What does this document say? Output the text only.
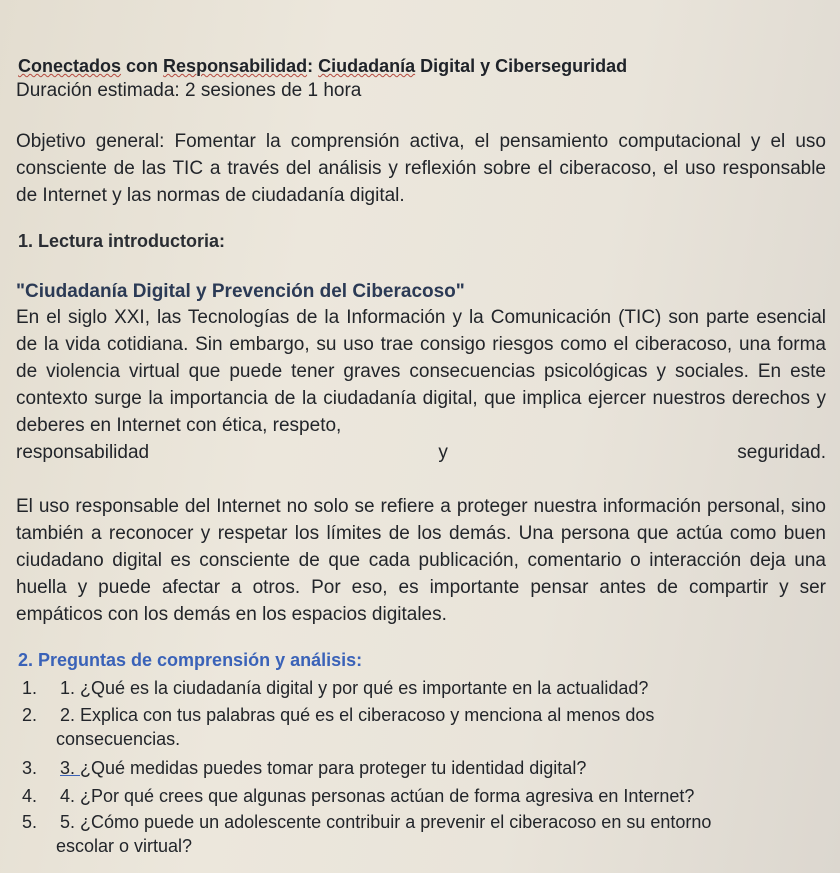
Conectados con Responsabilidad: Ciudadanía Digital y Ciberseguridad
Duración estimada: 2 sesiones de 1 hora
Objetivo general: Fomentar la comprensión activa, el pensamiento computacional y el uso consciente de las TIC a través del análisis y reflexión sobre el ciberacoso, el uso responsable de Internet y las normas de ciudadanía digital.
1. Lectura introductoria:
"Ciudadanía Digital y Prevención del Ciberacoso"
En el siglo XXI, las Tecnologías de la Información y la Comunicación (TIC) son parte esencial de la vida cotidiana. Sin embargo, su uso trae consigo riesgos como el ciberacoso, una forma de violencia virtual que puede tener graves consecuencias psicológicas y sociales. En este contexto surge la importancia de la ciudadanía digital, que implica ejercer nuestros derechos y deberes en Internet con ética, respeto,
responsabilidad	y	seguridad.
El uso responsable del Internet no solo se refiere a proteger nuestra información personal, sino también a reconocer y respetar los límites de los demás. Una persona que actúa como buen ciudadano digital es consciente de que cada publicación, comentario o interacción deja una huella y puede afectar a otros. Por eso, es importante pensar antes de compartir y ser empáticos con los demás en los espacios digitales.
2. Preguntas de comprensión y análisis:
1. 1. ¿Qué es la ciudadanía digital y por qué es importante en la actualidad?
2. 2. Explica con tus palabras qué es el ciberacoso y menciona al menos dos
consecuencias.
3. 3. ¿Qué medidas puedes tomar para proteger tu identidad digital?
4. 4. ¿Por qué crees que algunas personas actúan de forma agresiva en Internet?
5. 5. ¿Cómo puede un adolescente contribuir a prevenir el ciberacoso en su entorno
escolar o virtual?
